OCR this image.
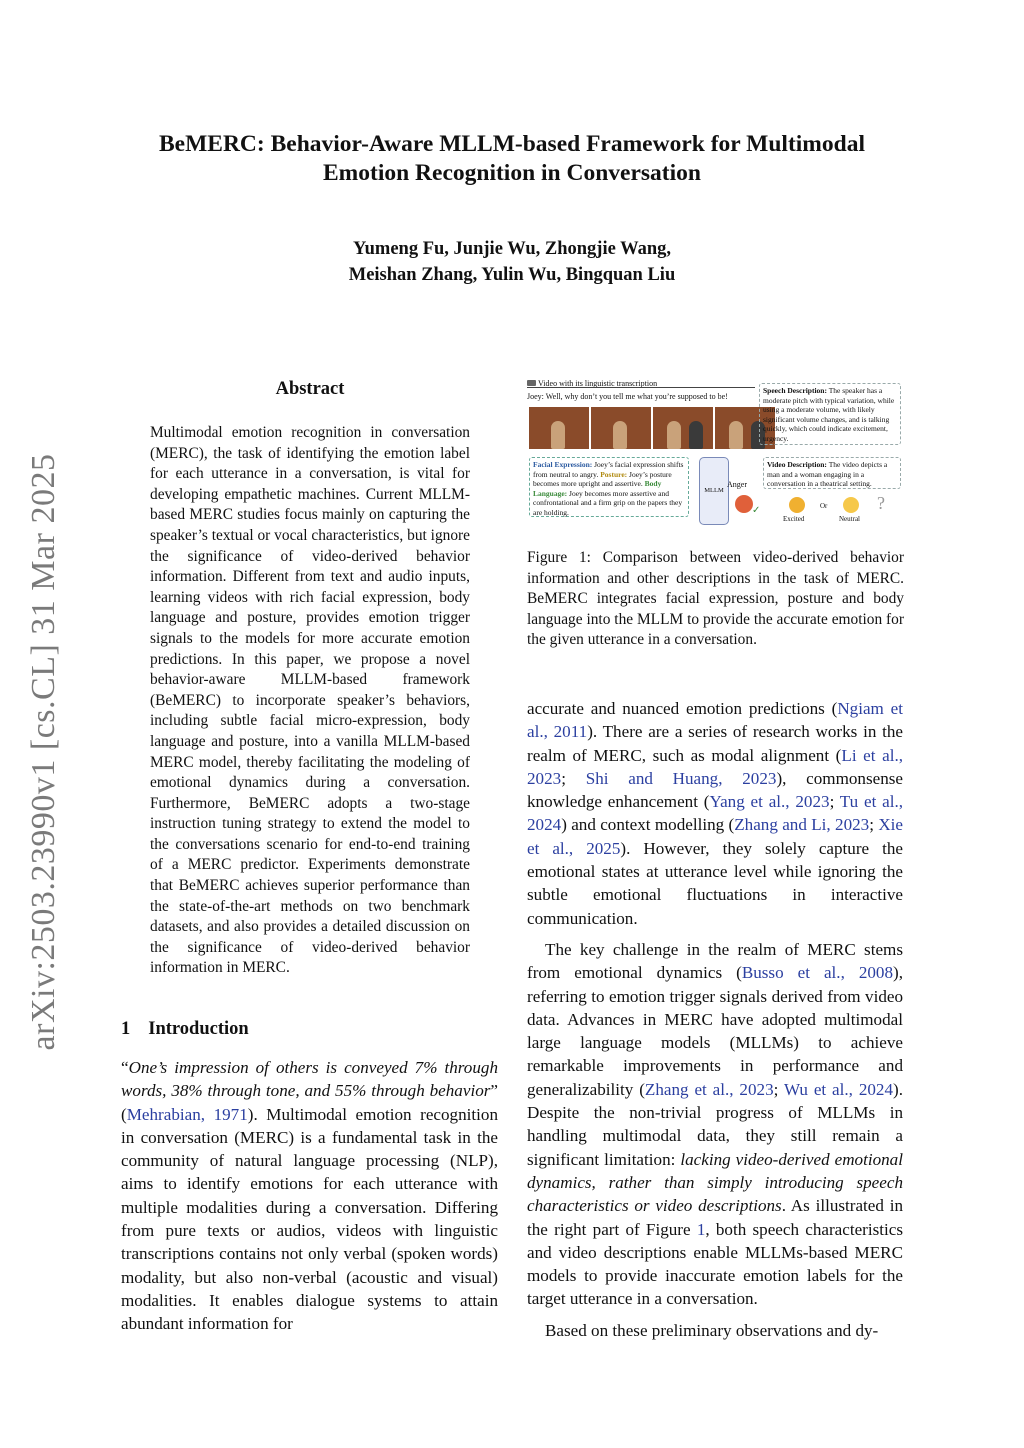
BeMERC: Behavior-Aware MLLM-based Framework for Multimodal
Emotion Recognition in Conversation
Yumeng Fu, Junjie Wu, Zhongjie Wang,
Meishan Zhang, Yulin Wu, Bingquan Liu
arXiv:2503.23990v1 [cs.CL] 31 Mar 2025
Abstract
Multimodal emotion recognition in conversation (MERC), the task of identifying the emotion label for each utterance in a conversation, is vital for developing empathetic machines. Current MLLM-based MERC studies focus mainly on capturing the speaker’s textual or vocal characteristics, but ignore the significance of video-derived behavior information. Different from text and audio inputs, learning videos with rich facial expression, body language and posture, provides emotion trigger signals to the models for more accurate emotion predictions. In this paper, we propose a novel behavior-aware MLLM-based framework (BeMERC) to incorporate speaker’s behaviors, including subtle facial micro-expression, body language and posture, into a vanilla MLLM-based MERC model, thereby facilitating the modeling of emotional dynamics during a conversation. Furthermore, BeMERC adopts a two-stage instruction tuning strategy to extend the model to the conversations scenario for end-to-end training of a MERC predictor. Experiments demonstrate that BeMERC achieves superior performance than the state-of-the-art methods on two benchmark datasets, and also provides a detailed discussion on the significance of video-derived behavior information in MERC.
1 Introduction
“One’s impression of others is conveyed 7% through words, 38% through tone, and 55% through behavior” (Mehrabian, 1971). Multimodal emotion recognition in conversation (MERC) is a fundamental task in the community of natural language processing (NLP), aims to identify emotions for each utterance with multiple modalities during a conversation. Differing from pure texts or audios, videos with linguistic transcriptions contains not only verbal (spoken words) modality, but also non-verbal (acoustic and visual) modalities. It enables dialogue systems to attain abundant information for
Video with its linguistic transcription
Joey: Well, why don’t you tell me what you’re supposed to be!
Speech Description: The speaker has a moderate pitch with typical variation, while using a moderate volume, with likely significant volume changes, and is talking quickly, which could indicate excitement, urgency.
Facial Expression: Joey’s facial expression shifts from neutral to angry. Posture: Joey’s posture becomes more upright and assertive. Body Language: Joey becomes more assertive and confrontational and a firm grip on the papers they are holding.
MLLM
Anger
✓
Video Description: The video depicts a man and a woman engaging in a conversation in a theatrical setting.
Excited
Or
Neutral
?
Figure 1: Comparison between video-derived behavior information and other descriptions in the task of MERC. BeMERC integrates facial expression, posture and body language into the MLLM to provide the accurate emotion for the given utterance in a conversation.

accurate and nuanced emotion predictions (Ngiam et al., 2011). There are a series of research works in the realm of MERC, such as modal alignment (Li et al., 2023; Shi and Huang, 2023), commonsense knowledge enhancement (Yang et al., 2023; Tu et al., 2024) and context modelling (Zhang and Li, 2023; Xie et al., 2025). However, they solely capture the emotional states at utterance level while ignoring the subtle emotional fluctuations in interactive communication.

The key challenge in the realm of MERC stems from emotional dynamics (Busso et al., 2008), referring to emotion trigger signals derived from video data. Advances in MERC have adopted multimodal large language models (MLLMs) to achieve remarkable improvements in performance and generalizability (Zhang et al., 2023; Wu et al., 2024). Despite the non-trivial progress of MLLMs in handling multimodal data, they still remain a significant limitation: lacking video-derived emotional dynamics, rather than simply introducing speech characteristics or video descriptions. As illustrated in the right part of Figure 1, both speech characteristics and video descriptions enable MLLMs-based MERC models to provide inaccurate emotion labels for the target utterance in a conversation.

Based on these preliminary observations and dy-
